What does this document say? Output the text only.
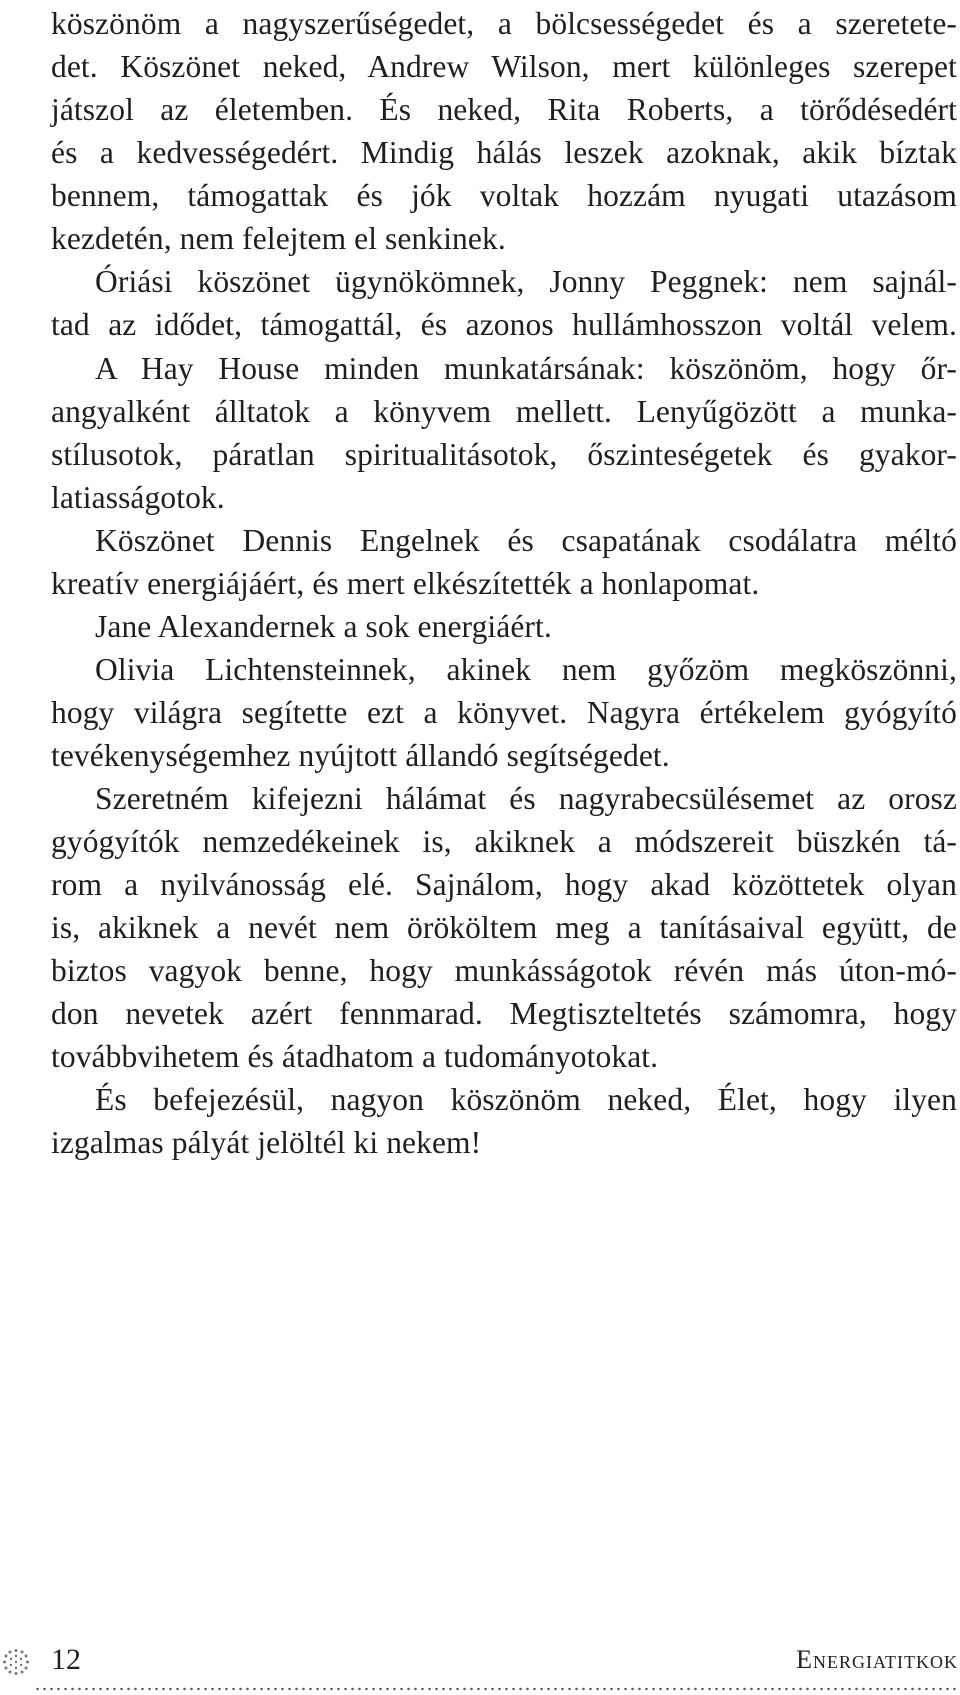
köszönöm a nagyszerűségedet, a bölcsességedet és a szeretete-
det. Köszönet neked, Andrew Wilson, mert különleges szerepet
játszol az életemben. És neked, Rita Roberts, a törődésedért
és a kedvességedért. Mindig hálás leszek azoknak, akik bíztak
bennem, támogattak és jók voltak hozzám nyugati utazásom
kezdetén, nem felejtem el senkinek.
Óriási köszönet ügynökömnek, Jonny Peggnek: nem sajnál-
tad az idődet, támogattál, és azonos hullámhosszon voltál velem.
A Hay House minden munkatársának: köszönöm, hogy őr-
angyalként álltatok a könyvem mellett. Lenyűgözött a munka-
stílusotok, páratlan spiritualitásotok, őszinteségetek és gyakor-
latiasságotok.
Köszönet Dennis Engelnek és csapatának csodálatra méltó
kreatív energiájáért, és mert elkészítették a honlapomat.
Jane Alexandernek a sok energiáért.
Olivia Lichtensteinnek, akinek nem győzöm megköszönni,
hogy világra segítette ezt a könyvet. Nagyra értékelem gyógyító
tevékenységemhez nyújtott állandó segítségedet.
Szeretném kifejezni hálámat és nagyrabecsülésemet az orosz
gyógyítók nemzedékeinek is, akiknek a módszereit büszkén tá-
rom a nyilvánosság elé. Sajnálom, hogy akad közöttetek olyan
is, akiknek a nevét nem örököltem meg a tanításaival együtt, de
biztos vagyok benne, hogy munkásságotok révén más úton-mó-
don nevetek azért fennmarad. Megtiszteltetés számomra, hogy
továbbvihetem és átadhatom a tudományotokat.
És befejezésül, nagyon köszönöm neked, Élet, hogy ilyen
izgalmas pályát jelöltél ki nekem!
12	Energiatitkok
